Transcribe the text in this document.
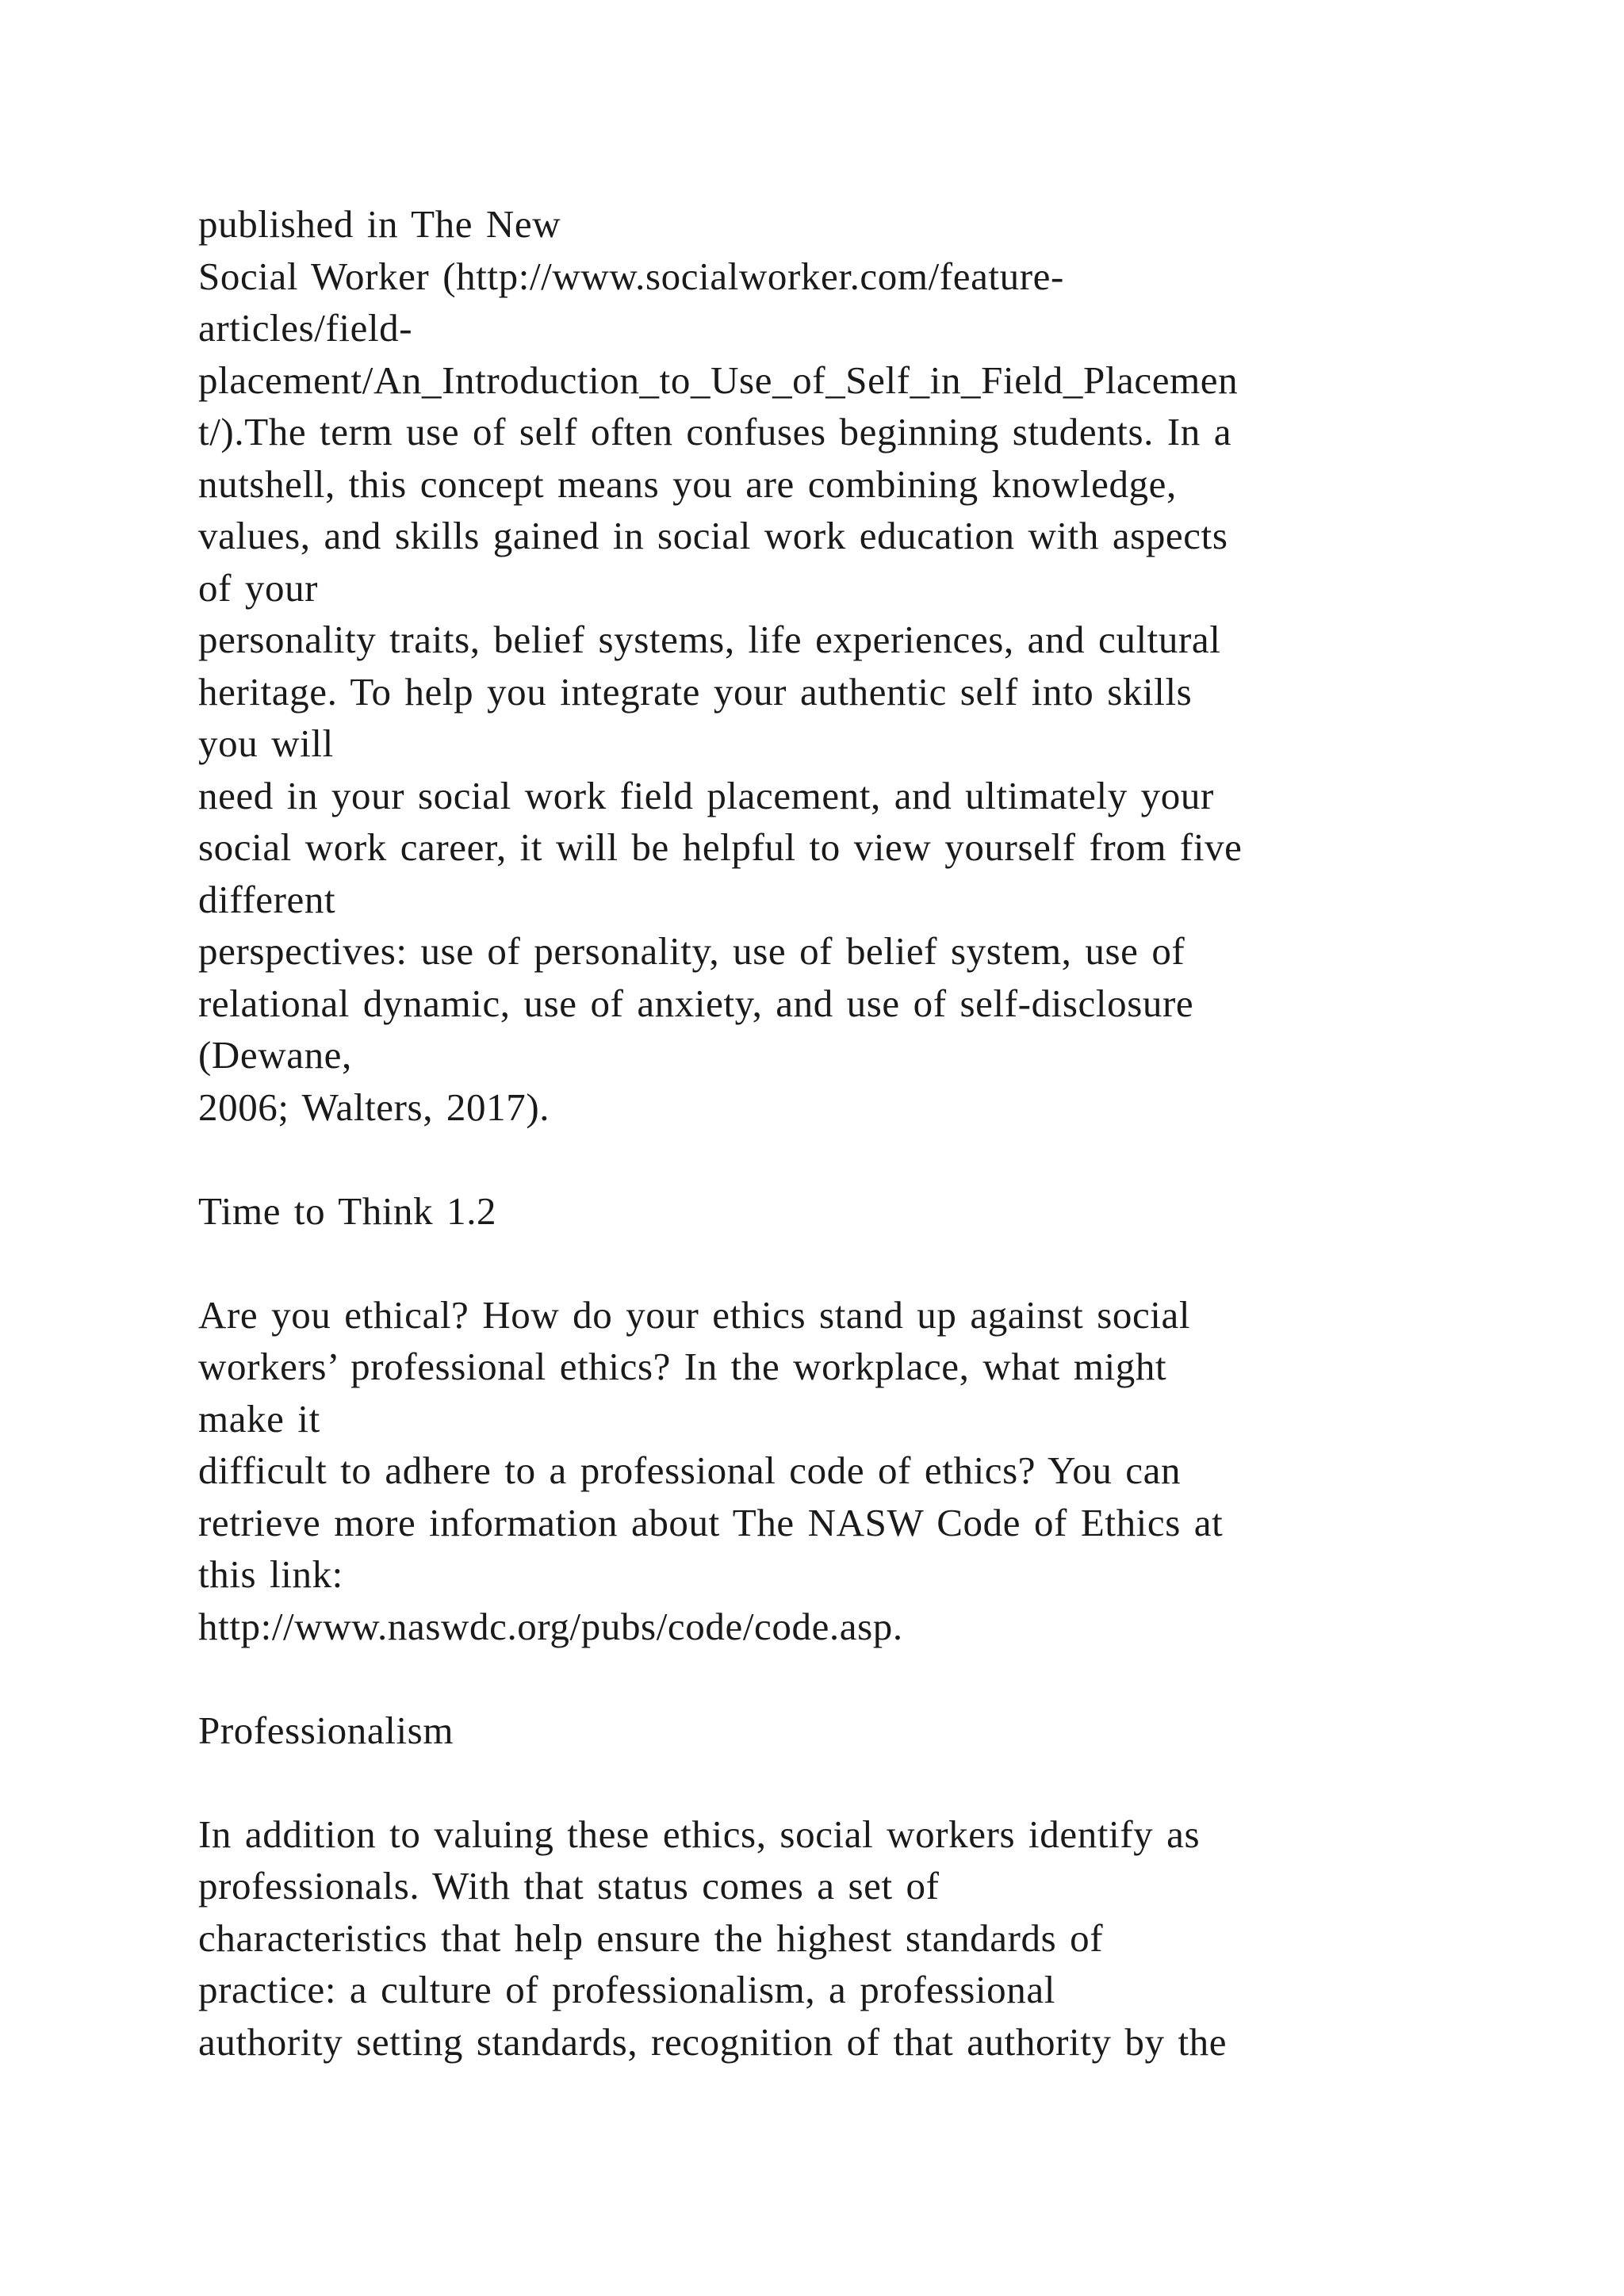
published in The New
Social Worker (http://www.socialworker.com/feature-
articles/field-
placement/An_Introduction_to_Use_of_Self_in_Field_Placemen
t/).The term use of self often confuses beginning students. In a
nutshell, this concept means you are combining knowledge,
values, and skills gained in social work education with aspects
of your
personality traits, belief systems, life experiences, and cultural
heritage. To help you integrate your authentic self into skills
you will
need in your social work field placement, and ultimately your
social work career, it will be helpful to view yourself from five
different
perspectives: use of personality, use of belief system, use of
relational dynamic, use of anxiety, and use of self-disclosure
(Dewane,
2006; Walters, 2017).
Time to Think 1.2
Are you ethical? How do your ethics stand up against social
workers’ professional ethics? In the workplace, what might
make it
difficult to adhere to a professional code of ethics? You can
retrieve more information about The NASW Code of Ethics at
this link:
http://www.naswdc.org/pubs/code/code.asp.
Professionalism
In addition to valuing these ethics, social workers identify as
professionals. With that status comes a set of
characteristics that help ensure the highest standards of
practice: a culture of professionalism, a professional
authority setting standards, recognition of that authority by the
